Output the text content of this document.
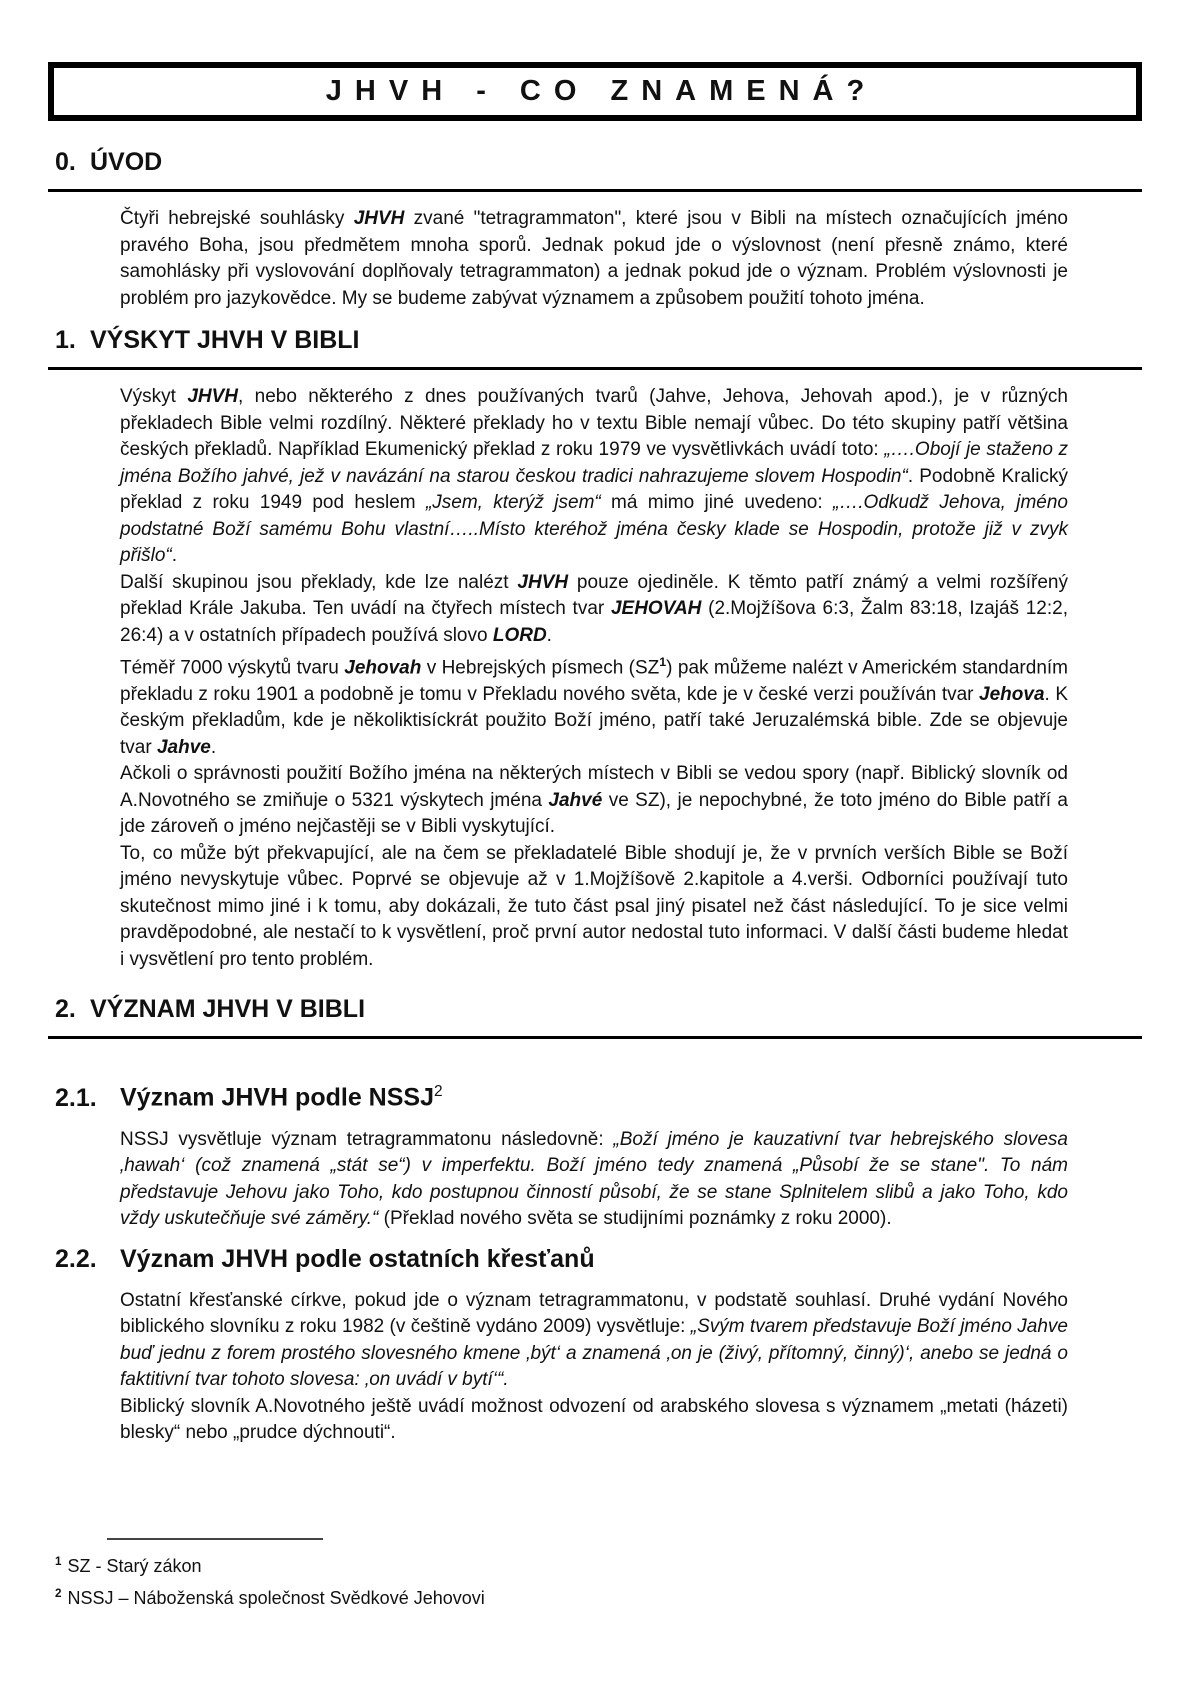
JHVH - CO ZNAMENÁ?
0. ÚVOD

Čtyři hebrejské souhlásky JHVH zvané "tetragrammaton", které jsou v Bibli na místech označujících jméno pravého Boha, jsou předmětem mnoha sporů. Jednak pokud jde o výslovnost (není přesně známo, které samohlásky při vyslovování doplňovaly tetragrammaton) a jednak pokud jde o význam. Problém výslovnosti je problém pro jazykovědce. My se budeme zabývat významem a způsobem použití tohoto jména.

1. VÝSKYT JHVH V BIBLI

Výskyt JHVH, nebo některého z dnes používaných tvarů (Jahve, Jehova, Jehovah apod.), je v různých překladech Bible velmi rozdílný. Některé překlady ho v textu Bible nemají vůbec. Do této skupiny patří většina českých překladů. Například Ekumenický překlad z roku 1979 ve vysvětlivkách uvádí toto: „….Obojí je staženo z jména Božího jahvé, jež v navázání na starou českou tradici nahrazujeme slovem Hospodin“. Podobně Kralický překlad z roku 1949 pod heslem „Jsem, kterýž jsem“ má mimo jiné uvedeno: „….Odkudž Jehova, jméno podstatné Boží samému Bohu vlastní…..Místo kteréhož jména česky klade se Hospodin, protože již v zvyk přišlo“.

Další skupinou jsou překlady, kde lze nalézt JHVH pouze ojediněle. K těmto patří známý a velmi rozšířený překlad Krále Jakuba. Ten uvádí na čtyřech místech tvar JEHOVAH (2.Mojžíšova 6:3, Žalm 83:18, Izajáš 12:2, 26:4) a v ostatních případech používá slovo LORD.

Téměř 7000 výskytů tvaru Jehovah v Hebrejských písmech $(SZ^1)$ pak můžeme nalézt v Americkém standardním překladu z roku 1901 a podobně je tomu v Překladu nového světa, kde je v české verzi používán tvar Jehova. K českým překladům, kde je několiktisíckrát použito Boží jméno, patří také Jeruzalémská bible. Zde se objevuje tvar Jahve.

Ačkoli o správnosti použití Božího jména na některých místech v Bibli se vedou spory (např. Biblický slovník od A.Novotného se zmiňuje o 5321 výskytech jména Jahvé ve SZ), je nepochybné, že toto jméno do Bible patří a jde zároveň o jméno nejčastěji se v Bibli vyskytující.

To, co může být překvapující, ale na čem se překladatelé Bible shodují je, že v prvních verších Bible se Boží jméno nevyskytuje vůbec. Poprvé se objevuje až v 1.Mojžíšově 2.kapitole a 4.verši. Odborníci používají tuto skutečnost mimo jiné i k tomu, aby dokázali, že tuto část psal jiný pisatel než část následující. To je sice velmi pravděpodobné, ale nestačí to k vysvětlení, proč první autor nedostal tuto informaci. V další části budeme hledat i vysvětlení pro tento problém.

2. VÝZNAM JHVH V BIBLI
2.1. Význam JHVH podle NSSJ$^2$

NSSJ vysvětluje význam tetragrammatonu následovně: „Boží jméno je kauzativní tvar hebrejského slovesa ‚hawah‘ (což znamená „stát se“) v imperfektu. Boží jméno tedy znamená „Působí že se stane". To nám představuje Jehovu jako Toho, kdo postupnou činností působí, že se stane Splnitelem slibů a jako Toho, kdo vždy uskutečňuje své záměry.“ (Překlad nového světa se studijními poznámky z roku 2000).

2.2. Význam JHVH podle ostatních křesťanů

Ostatní křesťanské církve, pokud jde o význam tetragrammatonu, v podstatě souhlasí. Druhé vydání Nového biblického slovníku z roku 1982 (v češtině vydáno 2009) vysvětluje: „Svým tvarem představuje Boží jméno Jahve buď jednu z forem prostého slovesného kmene ‚být‘ a znamená ‚on je (živý, přítomný, činný)‘, anebo se jedná o faktitivní tvar tohoto slovesa: ‚on uvádí v bytí‘“.

Biblický slovník A.Novotného ještě uvádí možnost odvození od arabského slovesa s významem „metati (házeti) blesky“ nebo „prudce dýchnouti“.

$^1$ SZ - Starý zákon
$^2$ NSSJ – Náboženská společnost Svědkové Jehovovi
